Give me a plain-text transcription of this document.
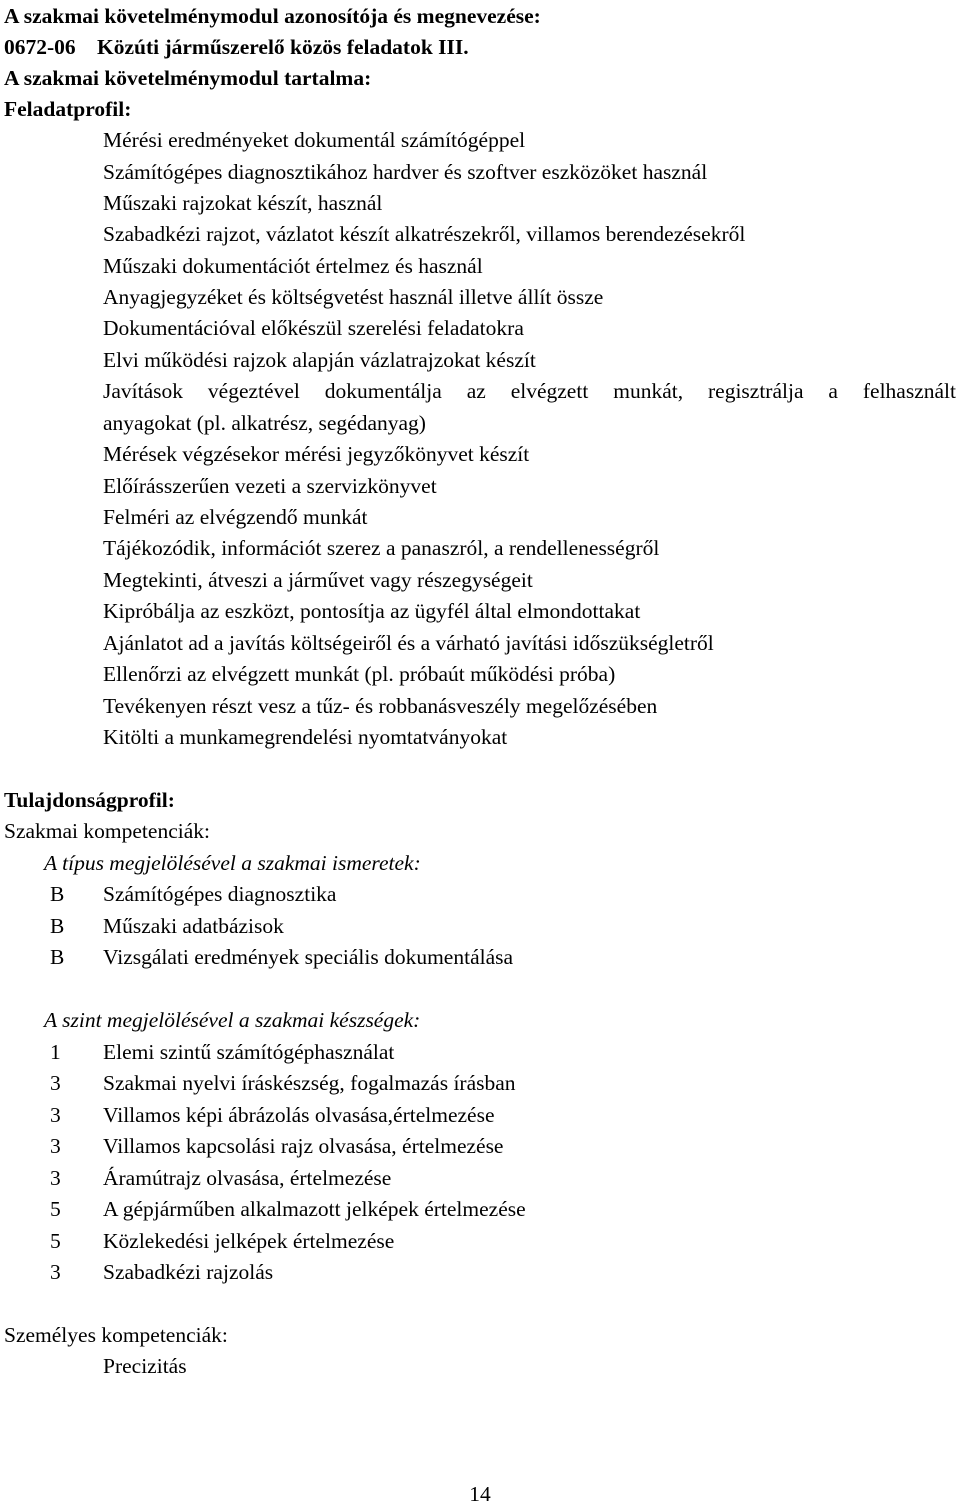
A szakmai követelménymodul azonosítója és megnevezése:
0672-06 Közúti járműszerelő közös feladatok III.
A szakmai követelménymodul tartalma:
Feladatprofil:
Mérési eredményeket dokumentál számítógéppel
Számítógépes diagnosztikához hardver és szoftver eszközöket használ
Műszaki rajzokat készít, használ
Szabadkézi rajzot, vázlatot készít alkatrészekről, villamos berendezésekről
Műszaki dokumentációt értelmez és használ
Anyagjegyzéket és költségvetést használ illetve állít össze
Dokumentációval előkészül szerelési feladatokra
Elvi működési rajzok alapján vázlatrajzokat készít
Javítások végeztével dokumentálja az elvégzett munkát, regisztrálja a felhasznált
anyagokat (pl. alkatrész, segédanyag)
Mérések végzésekor mérési jegyzőkönyvet készít
Előírásszerűen vezeti a szervizkönyvet
Felméri az elvégzendő munkát
Tájékozódik, információt szerez a panaszról, a rendellenességről
Megtekinti, átveszi a járművet vagy részegységeit
Kipróbálja az eszközt, pontosítja az ügyfél által elmondottakat
Ajánlatot ad a javítás költségeiről és a várható javítási időszükségletről
Ellenőrzi az elvégzett munkát (pl. próbaút működési próba)
Tevékenyen részt vesz a tűz- és robbanásveszély megelőzésében
Kitölti a munkamegrendelési nyomtatványokat
Tulajdonságprofil:
Szakmai kompetenciák:
A típus megjelölésével a szakmai ismeretek:
B Számítógépes diagnosztika
B Műszaki adatbázisok
B Vizsgálati eredmények speciális dokumentálása
A szint megjelölésével a szakmai készségek:
1 Elemi szintű számítógéphasználat
3 Szakmai nyelvi íráskészség, fogalmazás írásban
3 Villamos képi ábrázolás olvasása,értelmezése
3 Villamos kapcsolási rajz olvasása, értelmezése
3 Áramútrajz olvasása, értelmezése
5 A gépjárműben alkalmazott jelképek értelmezése
5 Közlekedési jelképek értelmezése
3 Szabadkézi rajzolás
Személyes kompetenciák:
Precizitás
14
